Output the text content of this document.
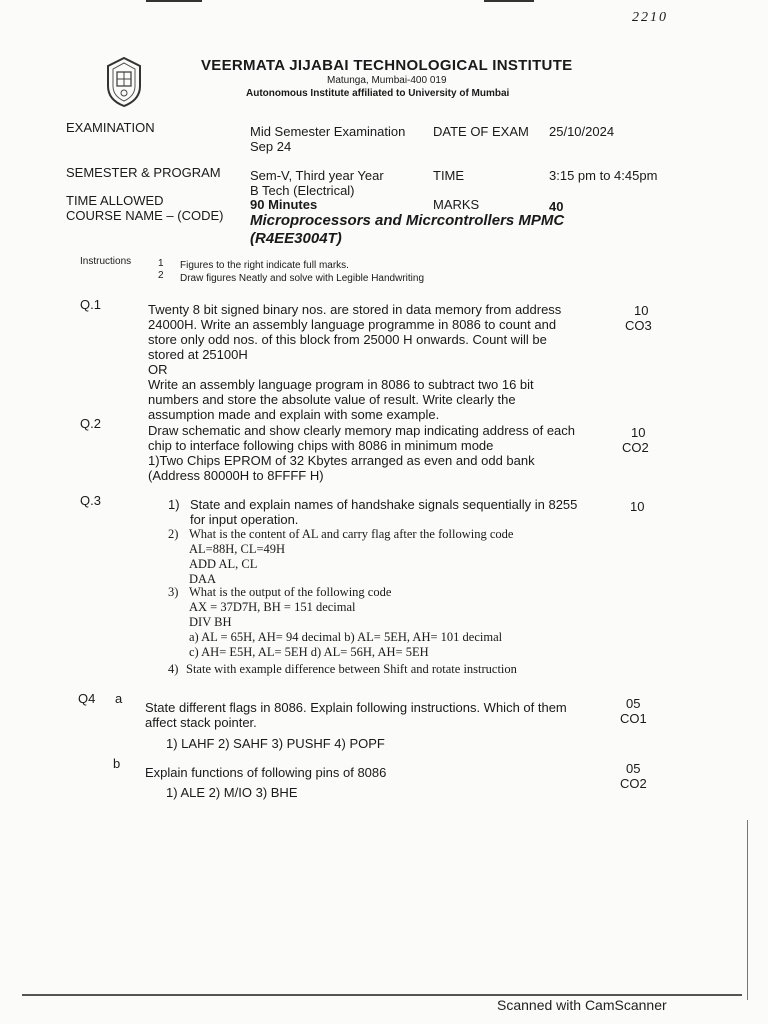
2210
VEERMATA JIJABAI TECHNOLOGICAL INSTITUTE
Matunga, Mumbai-400 019
Autonomous Institute affiliated to University of Mumbai
EXAMINATION	Mid Semester Examination
Sep 24
DATE OF EXAM 25/10/2024
SEMESTER & PROGRAM Sem-V, Third year Year
B Tech (Electrical)
TIME	3:15 pm to 4:45pm
TIME ALLOWED	90 Minutes	MARKS	40
COURSE NAME – (CODE) Microprocessors and Micrcontrollers MPMC
(R4EE3004T)
Instructions	1 Figures to the right indicate full marks.
2 Draw figures Neatly and solve with Legible Handwriting
Q.1	Twenty 8 bit signed binary nos. are stored in data memory from address
24000H. Write an assembly language programme in 8086 to count and
store only odd nos. of this block from 25000 H onwards. Count will be
stored at 25100H
OR
Write an assembly language program in 8086 to subtract two 16 bit
numbers and store the absolute value of result. Write clearly the
assumption made and explain with some example.
10
CO3
Q.2	Draw schematic and show clearly memory map indicating address of each
chip to interface following chips with 8086 in minimum mode
1)Two Chips EPROM of 32 Kbytes arranged as even and odd bank
(Address 80000H to 8FFFF H)
10
CO2
Q.3	10
1) State and explain names of handshake signals sequentially in 8255
for input operation.
2) What is the content of AL and carry flag after the following code
AL=88H, CL=49H
ADD AL, CL
DAA
3) What is the output of the following code
AX = 37D7H, BH = 151 decimal
DIV BH
a) AL = 65H, AH= 94 decimal b) AL= 5EH, AH= 101 decimal
c) AH= E5H, AL= 5EH d) AL= 56H, AH= 5EH
4) State with example difference between Shift and rotate instruction
Q4 a
State different flags in 8086. Explain following instructions. Which of them
affect stack pointer.
05
CO1
1) LAHF 2) SAHF 3) PUSHF 4) POPF
b
Explain functions of following pins of 8086	05
CO2
1) ALE 2) M/IO 3) BHE
Scanned with CamScanner
